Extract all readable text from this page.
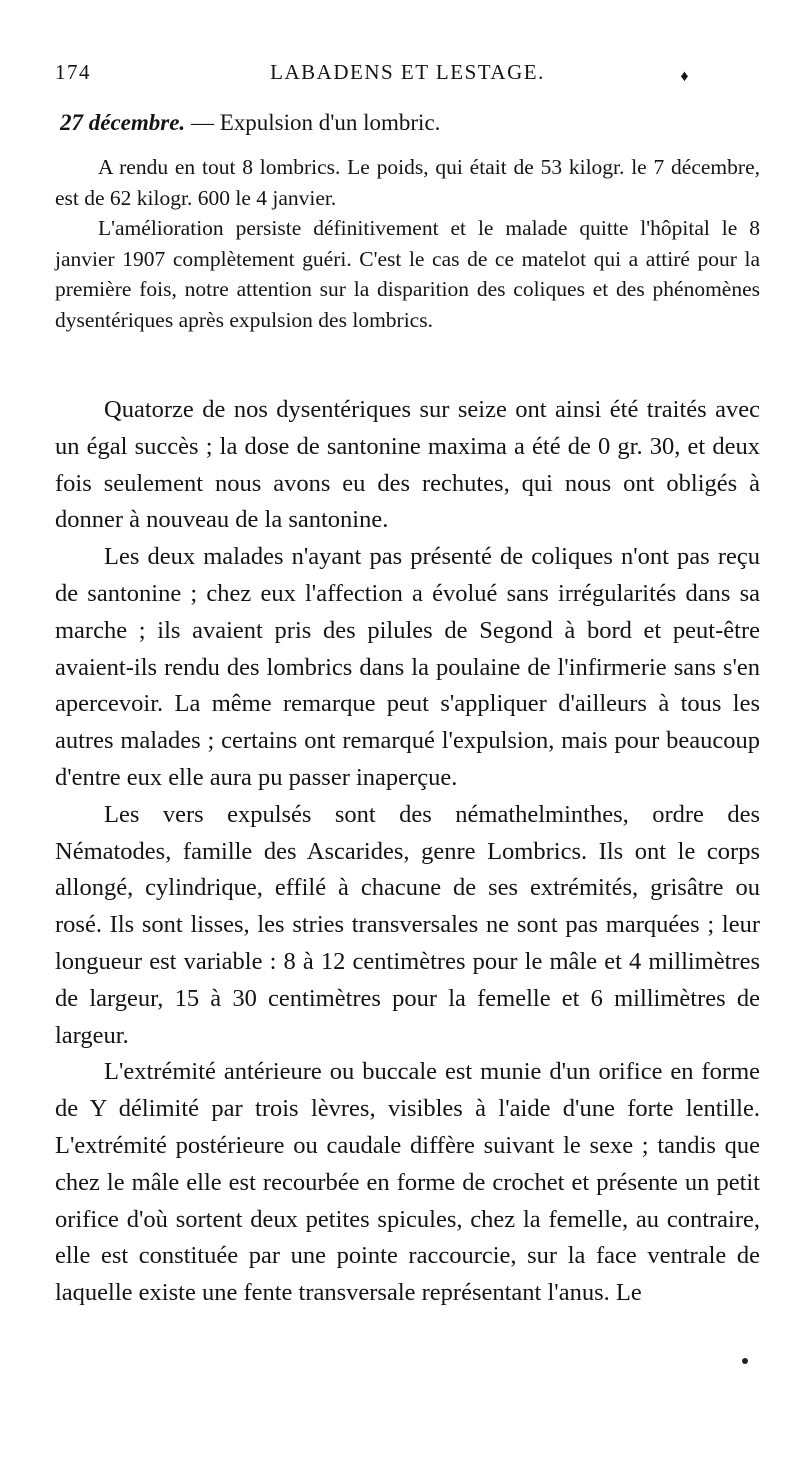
174	LABADENS ET LESTAGE.	♦
27 décembre. — Expulsion d'un lombric.

A rendu en tout 8 lombrics. Le poids, qui était de 53 kilogr. le 7 décembre, est de 62 kilogr. 600 le 4 janvier.

L'amélioration persiste définitivement et le malade quitte l'hôpital le 8 janvier 1907 complètement guéri. C'est le cas de ce matelot qui a attiré pour la première fois, notre attention sur la disparition des coliques et des phénomènes dysentériques après expulsion des lombrics.

Quatorze de nos dysentériques sur seize ont ainsi été traités avec un égal succès ; la dose de santonine maxima a été de 0 gr. 30, et deux fois seulement nous avons eu des rechutes, qui nous ont obligés à donner à nouveau de la santonine.

Les deux malades n'ayant pas présenté de coliques n'ont pas reçu de santonine ; chez eux l'affection a évolué sans irrégularités dans sa marche ; ils avaient pris des pilules de Segond à bord et peut-être avaient-ils rendu des lombrics dans la poulaine de l'infirmerie sans s'en apercevoir. La même remarque peut s'appliquer d'ailleurs à tous les autres malades ; certains ont remarqué l'expulsion, mais pour beaucoup d'entre eux elle aura pu passer inaperçue.

Les vers expulsés sont des némathelminthes, ordre des Nématodes, famille des Ascarides, genre Lombrics. Ils ont le corps allongé, cylindrique, effilé à chacune de ses extrémités, grisâtre ou rosé. Ils sont lisses, les stries transversales ne sont pas marquées ; leur longueur est variable : 8 à 12 centimètres pour le mâle et 4 millimètres de largeur, 15 à 30 centimètres pour la femelle et 6 millimètres de largeur.

L'extrémité antérieure ou buccale est munie d'un orifice en forme de Y délimité par trois lèvres, visibles à l'aide d'une forte lentille. L'extrémité postérieure ou caudale diffère suivant le sexe ; tandis que chez le mâle elle est recourbée en forme de crochet et présente un petit orifice d'où sortent deux petites spicules, chez la femelle, au contraire, elle est constituée par une pointe raccourcie, sur la face ventrale de laquelle existe une fente transversale représentant l'anus. Le
